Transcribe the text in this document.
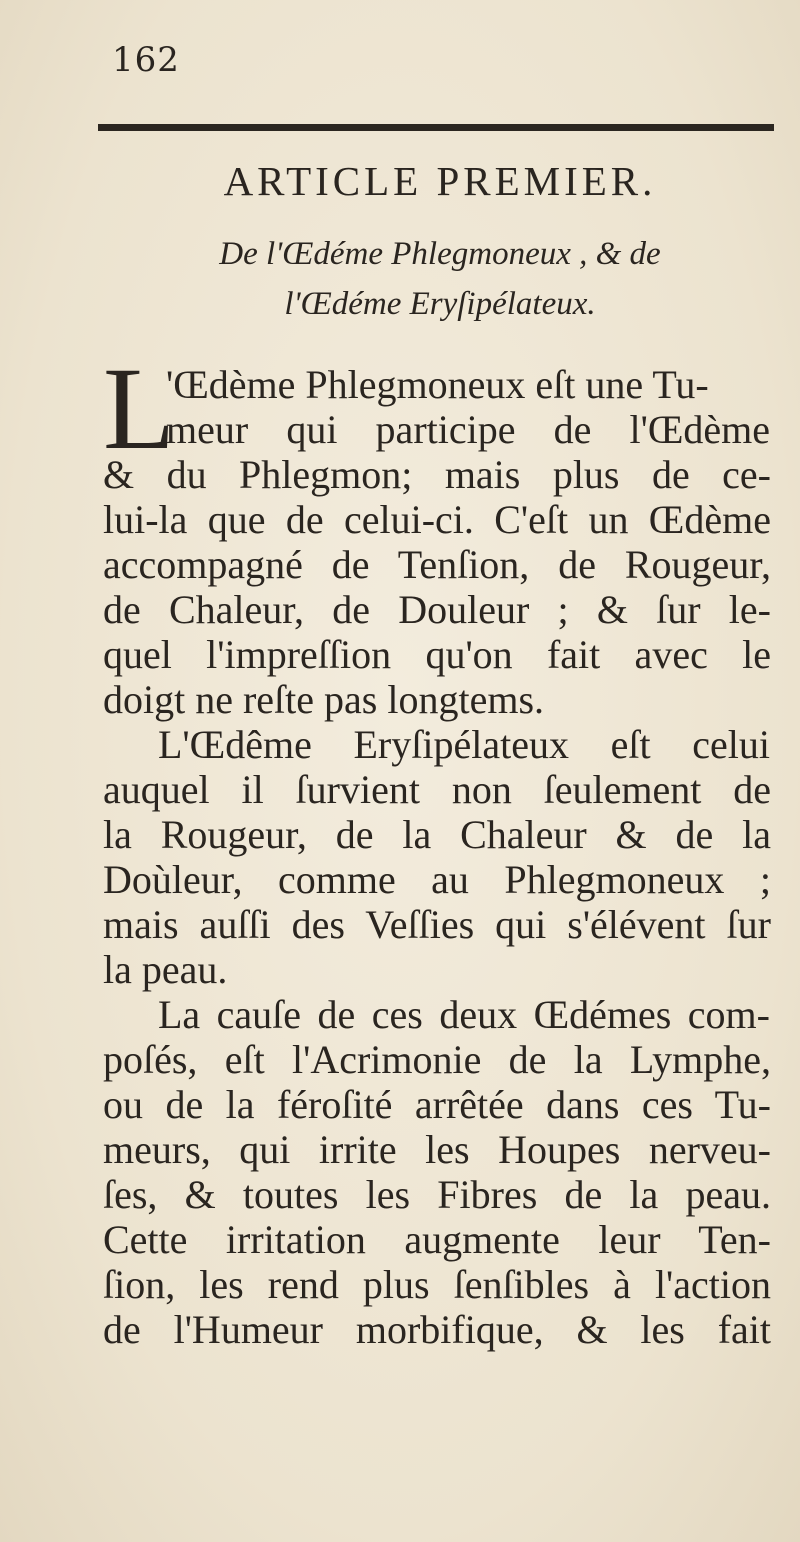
162
ARTICLE PREMIER.
De l'Œdéme Phlegmoneux , & de
l'Œdéme Eryſipélateux.
L
'Œdème Phlegmoneux eſt une Tu-
meur qui participe de l'Œdème
& du Phlegmon; mais plus de ce-
lui-la que de celui-ci. C'eſt un Œdème
accompagné de Tenſion, de Rougeur,
de Chaleur, de Douleur ; & ſur le-
quel l'impreſſion qu'on fait avec le
doigt ne reſte pas longtems.
L'Œdême Eryſipélateux eſt celui
auquel il ſurvient non ſeulement de
la Rougeur, de la Chaleur & de la
Doùleur, comme au Phlegmoneux ;
mais auſſi des Veſſies qui s'élévent ſur
la peau.
La cauſe de ces deux Œdémes com-
poſés, eſt l'Acrimonie de la Lymphe,
ou de la féroſité arrêtée dans ces Tu-
meurs, qui irrite les Houpes nerveu-
ſes, & toutes les Fibres de la peau.
Cette irritation augmente leur Ten-
ſion, les rend plus ſenſibles à l'action
de l'Humeur morbifique, & les fait
